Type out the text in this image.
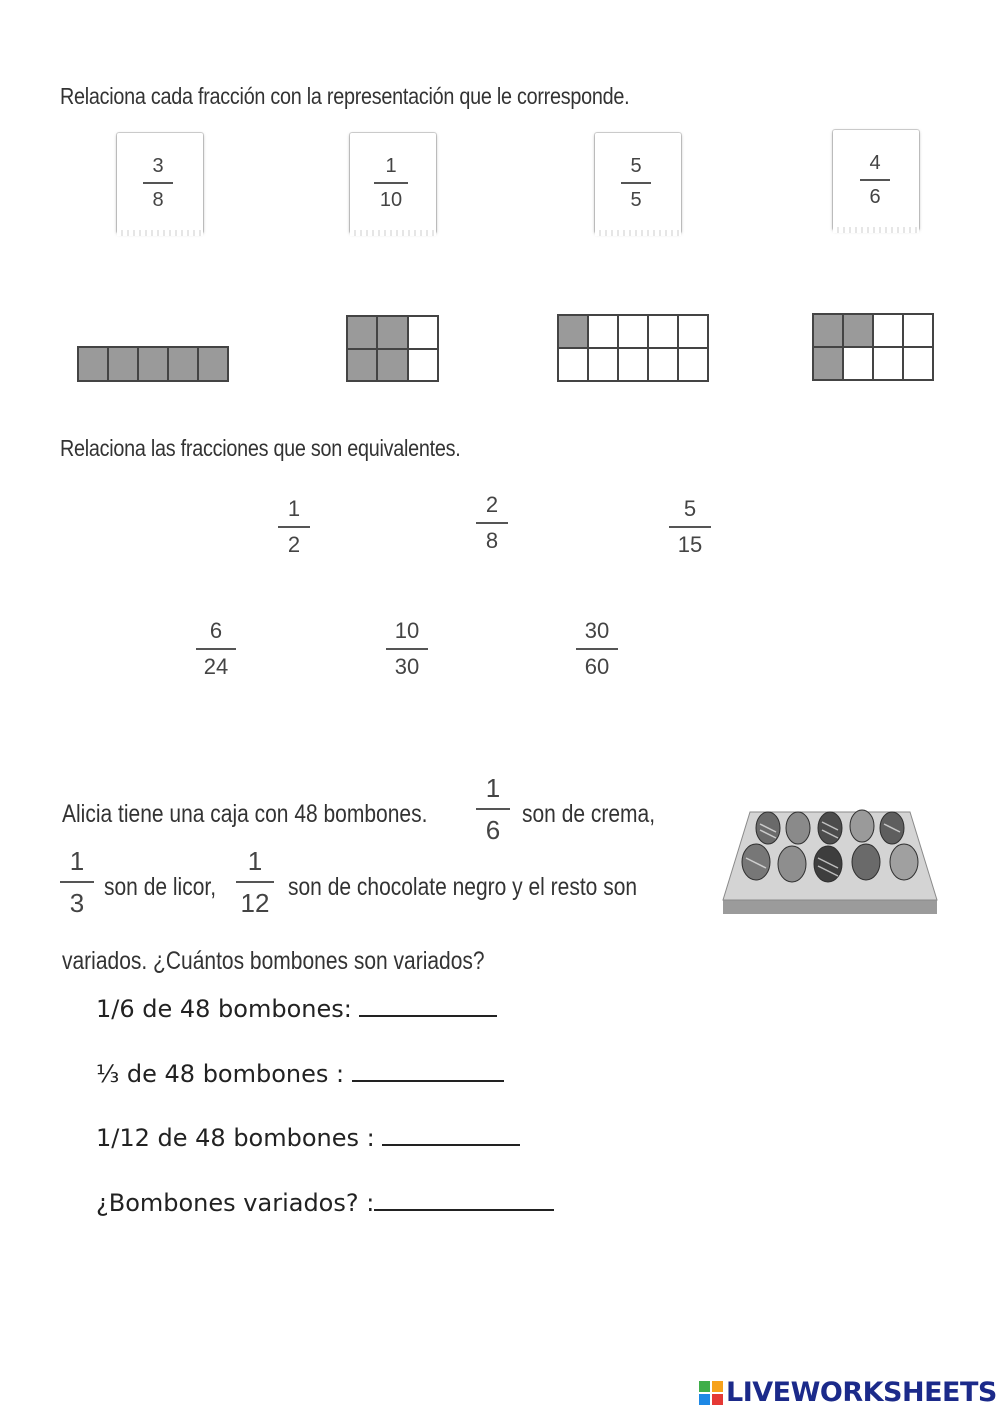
Relaciona cada fracción con la representación que le corresponde.
3
8
1
10
5
5
4
6
Relaciona las fracciones que son equivalentes.
1
2
2
8
5
15
6
24
10
30
30
60
Alicia tiene una caja con 48 bombones.
1
6
son de crema,
1
3
son de licor,
1
12
son de chocolate negro y el resto son
variados. ¿Cuántos bombones son variados?
1/6 de 48 bombones:
⅓ de 48 bombones :
1/12 de 48 bombones :
¿Bombones variados? :
LIVEWORKSHEETS
